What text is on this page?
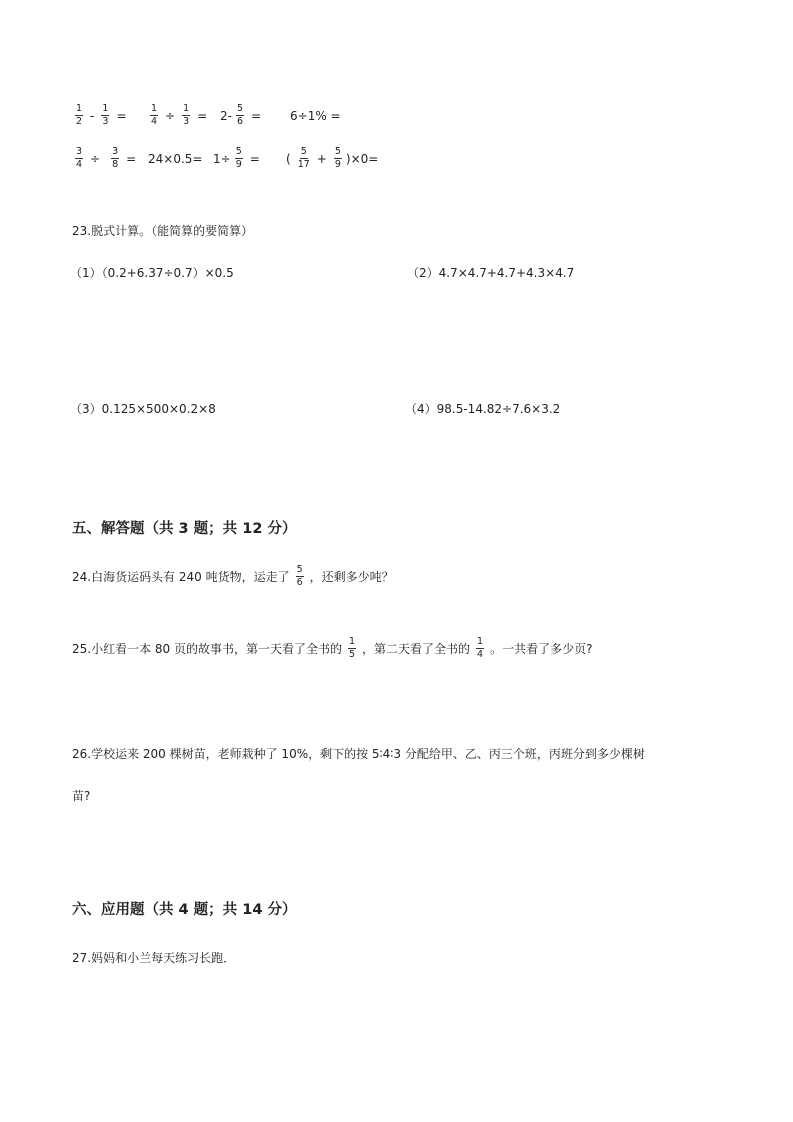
$\frac{1}{2} - \frac{1}{3} = \frac{1}{4} \div \frac{1}{3} = 2- \frac{5}{6} = 6\div 1\%$ =
$\frac{3}{4} \div \frac{3}{8} = 24\times 0.5= 1\div \frac{5}{9}$ = ( $\frac{5}{17} + \frac{5}{9} )\times 0=$
23.脱式计算。（能简算的要简算）
（1）（0.2+6.37÷0.7）×0.5	（2）4.7×4.7+4.7+4.3×4.7
（3）0.125×500×0.2×8	（4）98.5-14.82÷7.6×3.2
五、解答题（共 3 题；共 12 分）
24.白海货运码头有 240 吨货物，运走了 $\frac{5}{6}$ ，还剩多少吨？
25.小红看一本 80 页的故事书，第一天看了全书的 $\frac{1}{5}$ ，第二天看了全书的 $\frac{1}{4}$ 。一共看了多少页?
26.学校运来 200 棵树苗，老师栽种了 10%，剩下的按 5∶4∶3 分配给甲、乙、丙三个班，丙班分到多少棵树
苗?
六、应用题（共 4 题；共 14 分）
27.妈妈和小兰每天练习长跑．
